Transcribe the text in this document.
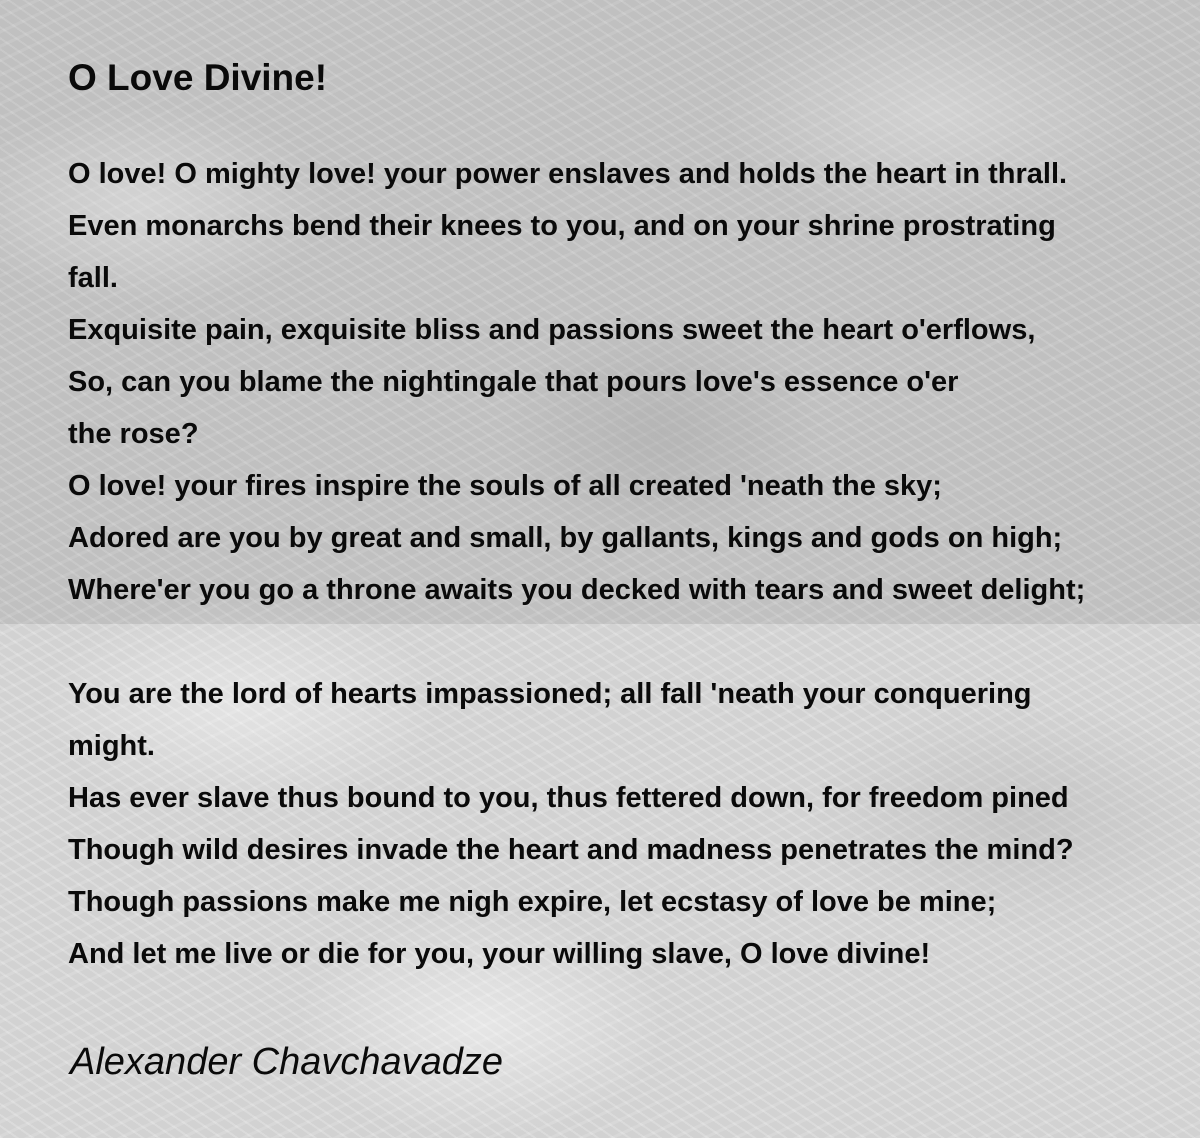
O Love Divine!
O love! O mighty love! your power enslaves and holds the heart in thrall.
Even monarchs bend their knees to you, and on your shrine prostrating
fall.
Exquisite pain, exquisite bliss and passions sweet the heart o'erflows,
So, can you blame the nightingale that pours love's essence o'er
the rose?
O love! your fires inspire the souls of all created 'neath the sky;
Adored are you by great and small, by gallants, kings and gods on high;
Where'er you go a throne awaits you decked with tears and sweet delight;
You are the lord of hearts impassioned; all fall 'neath your conquering
might.
Has ever slave thus bound to you, thus fettered down, for freedom pined
Though wild desires invade the heart and madness penetrates the mind?
Though passions make me nigh expire, let ecstasy of love be mine;
And let me live or die for you, your willing slave, O love divine!
Alexander Chavchavadze
